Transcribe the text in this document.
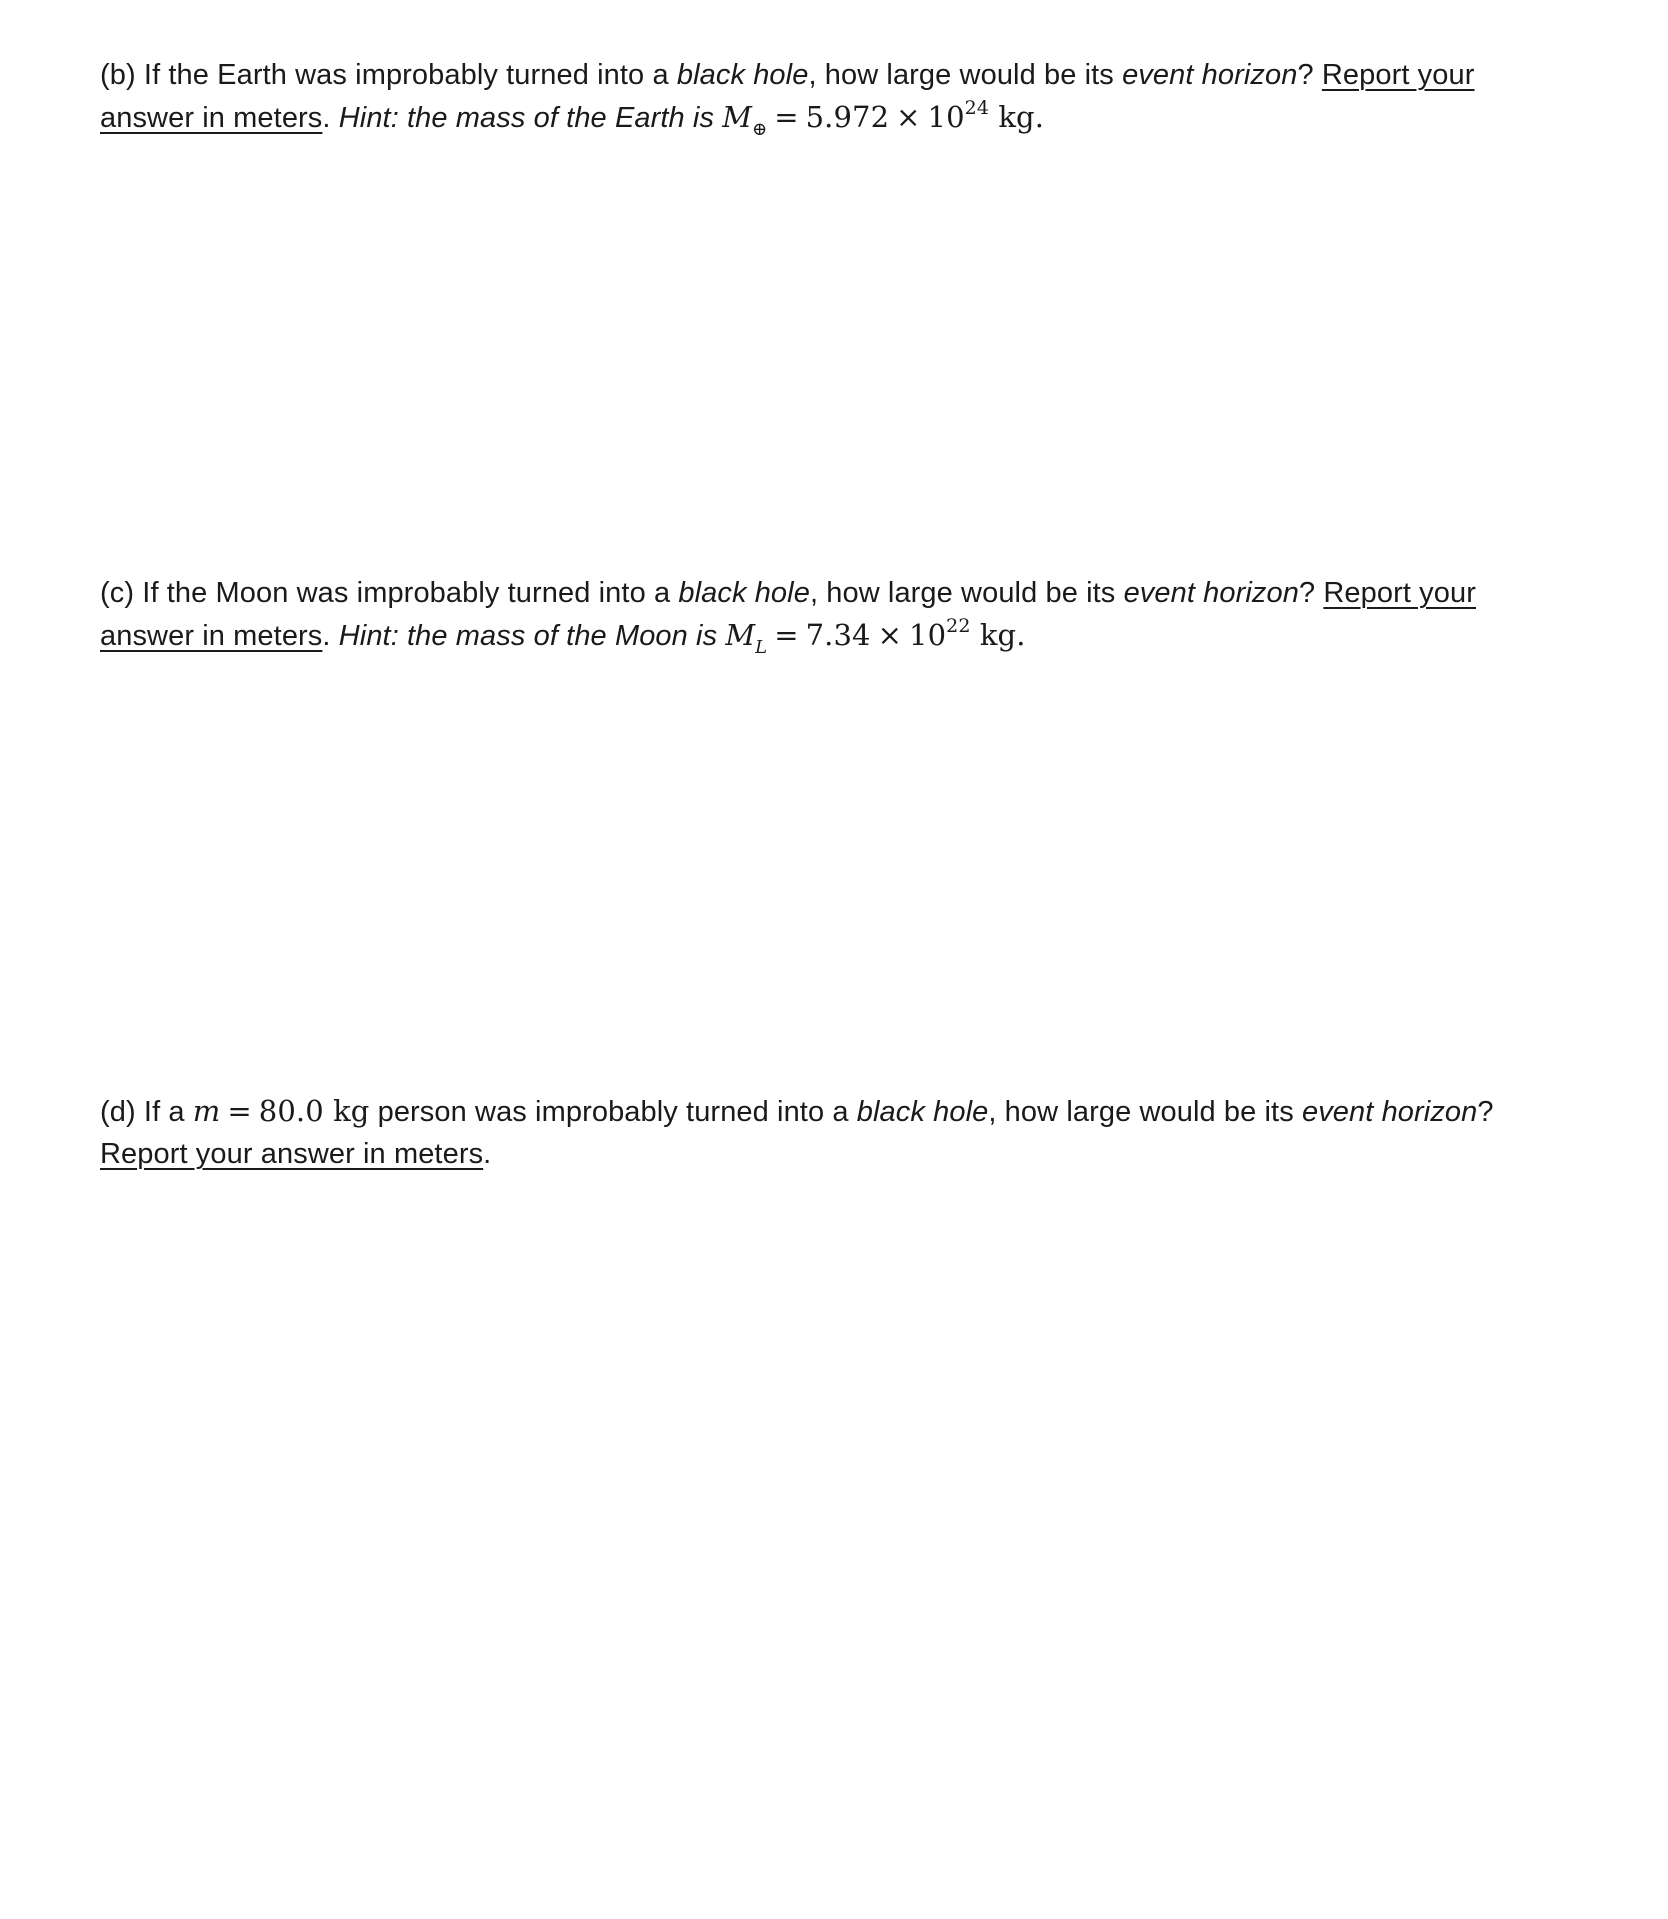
(b) If the Earth was improbably turned into a black hole, how large would be its event horizon? Report your
answer in meters. Hint: the mass of the Earth is $M_\oplus = 5.972 \times 10^{24}$ kg.
(c) If the Moon was improbably turned into a black hole, how large would be its event horizon? Report your
answer in meters. Hint: the mass of the Moon is $M_L = 7.34 \times 10^{22}$ kg.
(d) If a m = 80.0 kg person was improbably turned into a black hole, how large would be its event horizon?
Report your answer in meters.
